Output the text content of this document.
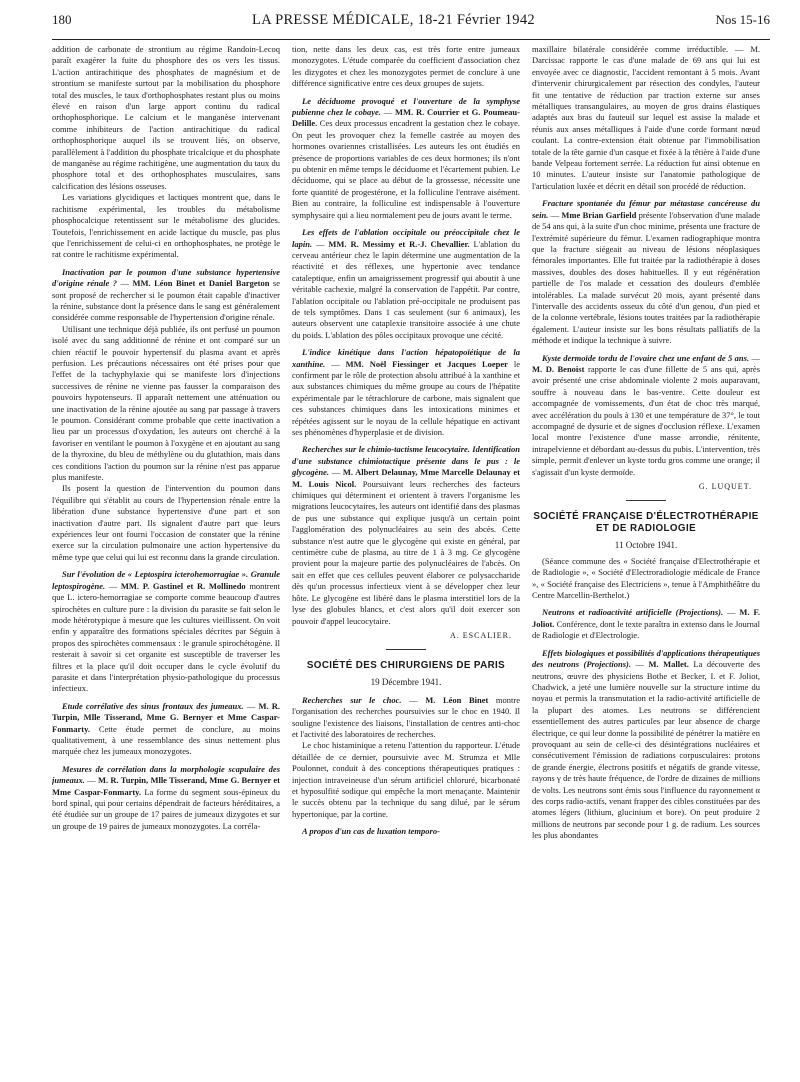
180	LA PRESSE MÉDICALE, 18-21 Février 1942	Nos 15-16

addition de carbonate de strontium au régime Randoin-Lecoq paraît exagérer la fuite du phosphore des os vers les tissus. L'action antirachitique des phosphates de magnésium et de strontium se manifeste surtout par la mobilisation du phosphore total des muscles, le taux d'orthophosphates restant plus ou moins élevé en raison d'un large apport continu du radical orthophosphorique. Le calcium et le manganèse intervenant comme inhibiteurs de l'action antirachitique du radical orthophosphorique auquel ils se trouvent liés, on observe, parallèlement à l'addition du phosphate tricalcique et du phosphate de manganèse au régime rachitigène, une augmentation du taux du phosphore total et des orthophosphates musculaires, sans calcification des lésions osseuses.

Les variations glycidiques et lactiques montrent que, dans le rachitisme expérimental, les troubles du métabolisme phosphocalcique retentissent sur le métabolisme des glucides. Toutefois, l'enrichissement en acide lactique du muscle, pas plus que l'enrichissement de celui-ci en orthophosphates, ne protège le rat contre le rachitisme expérimental.

Inactivation par le poumon d'une substance hypertensive d'origine rénale ? — MM. Léon Binet et Daniel Bargeton se sont proposé de rechercher si le poumon était capable d'inactiver la rénine, substance dont la présence dans le sang est généralement considérée comme responsable de l'hypertension d'origine rénale.

Utilisant une technique déjà publiée, ils ont perfusé un poumon isolé avec du sang additionné de rénine et ont comparé sur un chien réactif le pouvoir hypertensif du plasma avant et après perfusion. Les précautions nécessaires ont été prises pour que l'effet de la tachyphylaxie qui se manifeste lors d'injections successives de rénine ne vienne pas fausser la comparaison des pouvoirs hypotenseurs. Il apparaît nettement une atténuation ou une inactivation de la rénine ajoutée au sang par passage à travers le poumon. Considérant comme probable que cette inactivation a lieu par un processus d'oxydation, les auteurs ont cherché à la favoriser en ventilant le poumon à l'oxygène et en ajoutant au sang de la thyroxine, du bleu de méthylène ou du glutathion, mais dans ces conditions l'action du poumon sur la rénine n'est pas apparue plus manifeste.

Ils posent la question de l'intervention du poumon dans l'équilibre qui s'établit au cours de l'hypertension rénale entre la libération d'une substance hypertensive d'une part et son inactivation d'autre part. Ils signalent d'autre part que leurs expériences leur ont fourni l'occasion de constater que la rénine exerce sur la circulation pulmonaire une action hypertensive du même type que celui qui lui est reconnu dans la grande circulation.

Sur l'évolution de « Leptospira icterohemorragiae ». Granule leptospirogène. — MM. P. Gastinel et R. Mollinedo montrent que L. ictero-hemorragiae se comporte comme beaucoup d'autres spirochètes en culture pure : la division du parasite se fait selon le mode hétérotypique à mesure que les cultures vieillissent. On voit enfin y apparaître des formations spéciales décrites par Séguin à propos des spirochètes commensaux : le granule spirochétogène. Il resterait à savoir si cet organite est susceptible de traverser les filtres et la place qu'il doit occuper dans le cycle évolutif du parasite et dans l'interprétation physio-pathologique du processus infectieux.

Etude corrélative des sinus frontaux des jumeaux. — M. R. Turpin, Mlle Tisserand, Mme G. Bernyer et Mme Caspar-Fonmarty. Cette étude permet de conclure, au moins qualitativement, à une ressemblance des sinus nettement plus marquée chez les jumeaux monozygotes.

Mesures de corrélation dans la morphologie scapulaire des jumeaux. — M. R. Turpin, Mlle Tisserand, Mme G. Bernyer et Mme Caspar-Fonmarty. La forme du segment sous-épineux du bord spinal, qui pour certains dépendrait de facteurs héréditaires, a été étudiée sur un groupe de 17 paires de jumeaux dizygotes et sur un groupe de 19 paires de jumeaux monozygotes. La corréla-

tion, nette dans les deux cas, est très forte entre jumeaux monozygotes. L'étude comparée du coefficient d'association chez les dizygotes et chez les monozygotes permet de conclure à une différence significative entre ces deux groupes de sujets.

Le déciduome provoqué et l'ouverture de la symphyse pubienne chez le cobaye. — MM. R. Courrier et G. Poumeau-Delille. Ces deux processus encadrent la gestation chez le cobaye. On peut les provoquer chez la femelle castrée au moyen des hormones ovariennes cristallisées. Les auteurs les ont étudiés en présence de proportions variables de ces deux hormones; ils n'ont pu obtenir en même temps le déciduome et l'écartement pubien. Le déciduome, qui se place au début de la grossesse, nécessite une forte quantité de progestérone, et la folliculine l'entrave aisément. Bien au contraire, la folliculine est indispensable à l'ouverture symphysaire qui a lieu normalement peu de jours avant le terme.

Les effets de l'ablation occipitale ou préoccipitale chez le lapin. — MM. R. Messimy et R.-J. Chevallier. L'ablation du cerveau antérieur chez le lapin détermine une augmentation de la réactivité et des réflexes, une hypertonie avec tendance cataleptique, enfin un amaigrissement progressif qui aboutit à une véritable cachexie, malgré la conservation de l'appétit. Par contre, l'ablation occipitale ou l'ablation pré-occipitale ne produisent pas de tels symptômes. Dans 1 cas seulement (sur 6 animaux), les auteurs observent une cataplexie transitoire associée à une chute du poids. L'ablation des pôles occipitaux provoque une cécité.

L'indice kinétique dans l'action hépatopoïétique de la xanthine. — MM. Noël Fiessinger et Jacques Loeper le confirment par le rôle de protection absolu attribué à la xanthine et aux substances chimiques du même groupe au cours de l'hépatite expérimentale par le tétrachlorure de carbone, mais signalent que ces substances chimiques dans les intoxications minimes et répétées agissent sur le noyau de la cellule hépatique en activant ses phénomènes d'hyperplasie et de division.

Recherches sur le chimio-tactisme leucocytaire. Identification d'une substance chimiotactique présente dans le pus : le glycogène. — M. Albert Delaunay, Mme Marcelle Delaunay et M. Louis Nicol. Poursuivant leurs recherches des facteurs chimiques qui déterminent et orientent à travers l'organisme les migrations leucocytaires, les auteurs ont identifié dans des plasmas de pus une substance qui explique jusqu'à un certain point l'agglomération des polynucléaires au sein des abcès. Cette substance n'est autre que le glycogène qui existe en général, par centimètre cube de plasma, au titre de 1 à 3 mg. Ce glycogène provient pour la majeure partie des polynucléaires de l'abcès. On sait en effet que ces cellules peuvent élaborer ce polysaccharide dès qu'un processus infectieux vient à se développer chez leur hôte. Le glycogène est libéré dans le plasma interstitiel lors de la lyse des globules blancs, et c'est alors qu'il doit exercer son pouvoir d'appel leucocytaire.

A. ESCALIER.
SOCIÉTÉ DES CHIRURGIENS DE PARIS
19 Décembre 1941.

Recherches sur le choc. — M. Léon Binet montre l'organisation des recherches poursuivies sur le choc en 1940. Il souligne l'existence des liaisons, l'installation de centres anti-choc et l'activité des laboratoires de recherches.

Le choc histaminique a retenu l'attention du rapporteur. L'étude détaillée de ce dernier, poursuivie avec M. Strumza et Mlle Poulonnet, conduit à des conceptions thérapeutiques pratiques : injection intraveineuse d'un sérum artificiel chloruré, bicarbonaté et hyposulfité sodique qui empêche la mort menaçante. Maintenir le succès obtenu par la technique du sang dilué, par le sérum hypertonique, par la cortine.

A propos d'un cas de luxation temporo-

maxillaire bilatérale considérée comme irréductible. — M. Darcissac rapporte le cas d'une malade de 69 ans qui lui est envoyée avec ce diagnostic, l'accident remontant à 5 mois. Avant d'intervenir chirurgicalement par résection des condyles, l'auteur fit une tentative de réduction par traction externe sur anses métalliques transangulaires, au moyen de gros drains élastiques adaptés aux bras du fauteuil sur lequel est assise la malade et réunis aux anses métalliques à l'aide d'une corde formant nœud coulant. La contre-extension était obtenue par l'immobilisation totale de la tête garnie d'un casque et fixée à la têtière à l'aide d'une bande Velpeau fortement serrée. La réduction fut ainsi obtenue en 10 minutes. L'auteur insiste sur l'anatomie pathologique de l'articulation luxée et décrit en détail son procédé de réduction.

Fracture spontanée du fémur par métastase cancéreuse du sein. — Mme Brian Garfield présente l'observation d'une malade de 54 ans qui, à la suite d'un choc minime, présenta une fracture de l'extrémité supérieure du fémur. L'examen radiographique montra que la fracture siégeait au niveau de lésions néoplasiques fémorales importantes. Elle fut traitée par la radiothérapie à doses massives, doubles des doses habituelles. Il y eut régénération partielle de l'os malade et cessation des douleurs d'emblée intolérables. La malade survécut 20 mois, ayant présenté dans l'intervalle des accidents osseux du côté d'un genou, d'un pied et de la colonne vertébrale, lésions toutes traitées par la radiothérapie également. L'auteur insiste sur les bons résultats palliatifs de la méthode et indique la technique à suivre.

Kyste dermoïde tordu de l'ovaire chez une enfant de 5 ans. — M. D. Benoist rapporte le cas d'une fillette de 5 ans qui, après avoir présenté une crise abdominale violente 2 mois auparavant, souffre à nouveau dans le bas-ventre. Cette douleur est accompagnée de vomissements, d'un état de choc très marqué, avec accélération du pouls à 130 et une température de 37°, le tout accompagné de dysurie et de signes d'occlusion réflexe. L'examen local montre l'existence d'une masse arrondie, rénitente, intrapelvienne et débordant au-dessus du pubis. L'intervention, très simple, permit d'enlever un kyste tordu gros comme une orange; il s'agissait d'un kyste dermoïde.

G. LUQUET.
SOCIÉTÉ FRANÇAISE D'ÉLECTROTHÉRAPIE ET DE RADIOLOGIE
11 Octobre 1941.

(Séance commune des « Société française d'Electrothérapie et de Radiologie », « Société d'Electroradiologie médicale de France », « Société française des Electriciens », tenue à l'Amphithéâtre du Centre Marcellin-Berthelot.)

Neutrons et radioactivité artificielle (Projections). — M. F. Joliot. Conférence, dont le texte paraîtra in extenso dans le Journal de Radiologie et d'Electrologie.

Effets biologiques et possibilités d'applications thérapeutiques des neutrons (Projections). — M. Mallet. La découverte des neutrons, œuvre des physiciens Bothe et Becker, I. et F. Joliot, Chadwick, a jeté une lumière nouvelle sur la structure intime du noyau et permis la transmutation et la radio-activité artificielle de la plupart des atomes. Les neutrons se différencient essentiellement des autres particules par leur absence de charge électrique, ce qui leur donne la possibilité de pénétrer la matière en provoquant au sein de celle-ci des désintégrations nucléaires et consécutivement l'émission de radiations corpusculaires: protons de grande énergie, électrons positifs et négatifs de grande vitesse, rayons γ de très haute fréquence, de l'ordre de dizaines de millions de volts. Les neutrons sont émis sous l'influence du rayonnement α des corps radio-actifs, venant frapper des cibles constituées par des atomes légers (lithium, glucinium et bore). On peut produire 2 millions de neutrons par seconde pour 1 g. de radium. Les sources les plus abondantes
